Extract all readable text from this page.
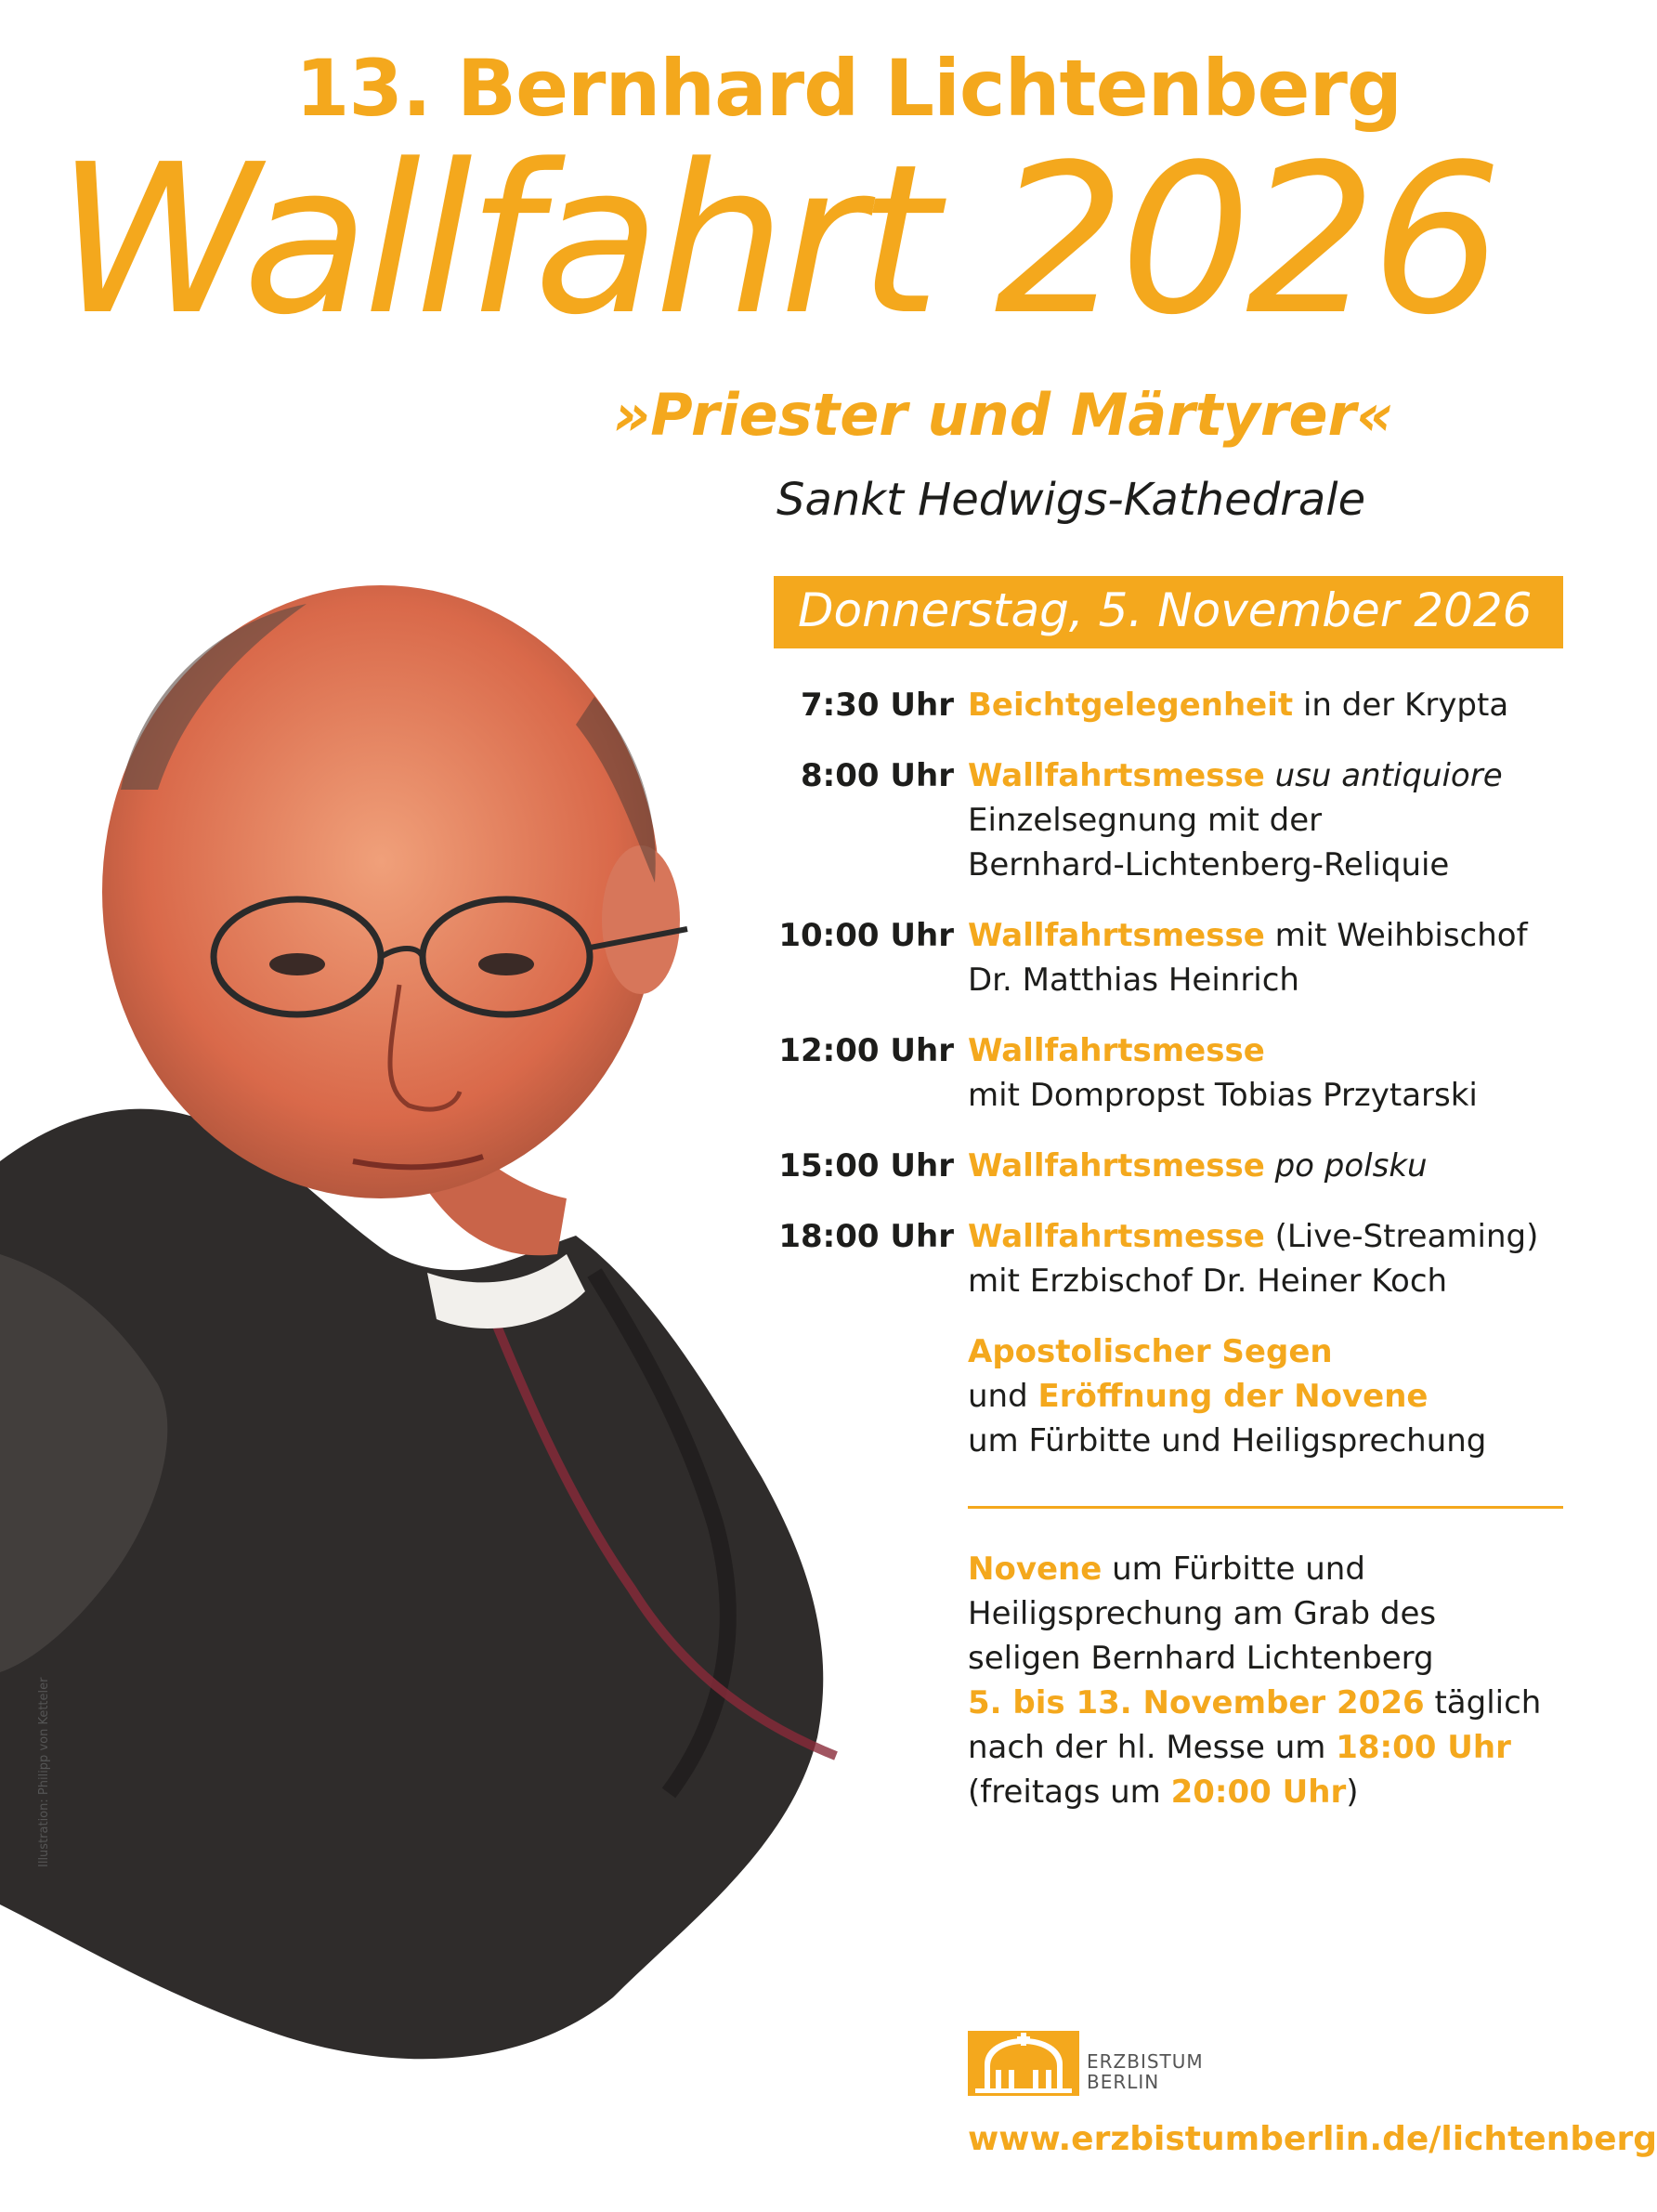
13. Bernhard Lichtenberg
Wallfahrt 2026
»Priester und Märtyrer«
Sankt Hedwigs-Kathedrale
Donnerstag, 5. November 2026
Illustration: Philipp von Ketteler
7:30 Uhr Beichtgelegenheit in der Krypta
8:00 Uhr Wallfahrtsmesse usu antiquiore
Einzelsegnung mit der
Bernhard-Lichtenberg-Reliquie
10:00 Uhr Wallfahrtsmesse mit Weihbischof
Dr. Matthias Heinrich
12:00 Uhr Wallfahrtsmesse
mit Dompropst Tobias Przytarski
15:00 Uhr Wallfahrtsmesse po polsku
18:00 Uhr Wallfahrtsmesse (Live-Streaming)
mit Erzbischof Dr. Heiner Koch
Apostolischer Segen
und Eröffnung der Novene
um Fürbitte und Heiligsprechung
Novene um Fürbitte und
Heiligsprechung am Grab des
seligen Bernhard Lichtenberg
5. bis 13. November 2026 täglich
nach der hl. Messe um 18:00 Uhr
(freitags um 20:00 Uhr)
ERZBISTUM
BERLIN
www.erzbistumberlin.de/lichtenberg
